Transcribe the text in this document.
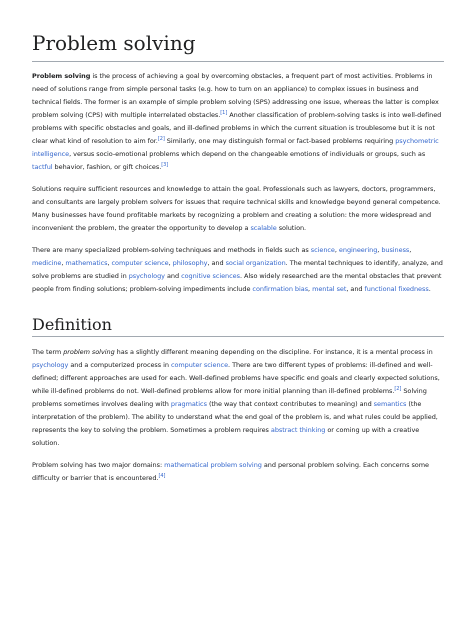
Problem solving

Problem solving is the process of achieving a goal by overcoming obstacles, a frequent part of most activities. Problems in need of solutions range from simple personal tasks (e.g. how to turn on an appliance) to complex issues in business and technical fields. The former is an example of simple problem solving (SPS) addressing one issue, whereas the latter is complex problem solving (CPS) with multiple interrelated obstacles.[1] Another classification of problem-solving tasks is into well-defined problems with specific obstacles and goals, and ill-defined problems in which the current situation is troublesome but it is not clear what kind of resolution to aim for.[2] Similarly, one may distinguish formal or fact-based problems requiring psychometric intelligence, versus socio-emotional problems which depend on the changeable emotions of individuals or groups, such as tactful behavior, fashion, or gift choices.[3]

Solutions require sufficient resources and knowledge to attain the goal. Professionals such as lawyers, doctors, programmers, and consultants are largely problem solvers for issues that require technical skills and knowledge beyond general competence. Many businesses have found profitable markets by recognizing a problem and creating a solution: the more widespread and inconvenient the problem, the greater the opportunity to develop a scalable solution.

There are many specialized problem-solving techniques and methods in fields such as science, engineering, business, medicine, mathematics, computer science, philosophy, and social organization. The mental techniques to identify, analyze, and solve problems are studied in psychology and cognitive sciences. Also widely researched are the mental obstacles that prevent people from finding solutions; problem-solving impediments include confirmation bias, mental set, and functional fixedness.

Definition

The term problem solving has a slightly different meaning depending on the discipline. For instance, it is a mental process in psychology and a computerized process in computer science. There are two different types of problems: ill-defined and well-defined; different approaches are used for each. Well-defined problems have specific end goals and clearly expected solutions, while ill-defined problems do not. Well-defined problems allow for more initial planning than ill-defined problems.[2] Solving problems sometimes involves dealing with pragmatics (the way that context contributes to meaning) and semantics (the interpretation of the problem). The ability to understand what the end goal of the problem is, and what rules could be applied, represents the key to solving the problem. Sometimes a problem requires abstract thinking or coming up with a creative solution.

Problem solving has two major domains: mathematical problem solving and personal problem solving. Each concerns some difficulty or barrier that is encountered.[4]
